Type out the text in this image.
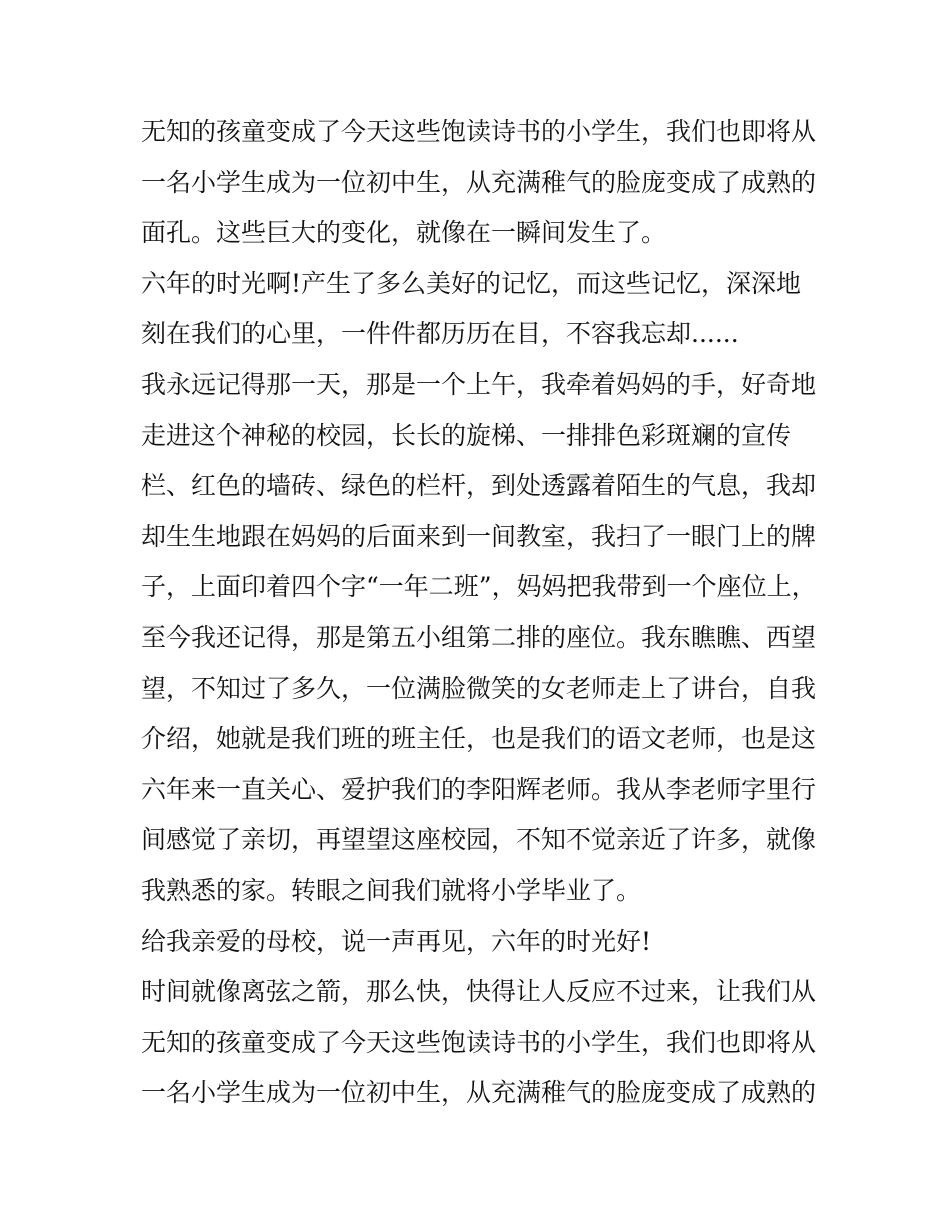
无知的孩童变成了今天这些饱读诗书的小学生，我们也即将从
一名小学生成为一位初中生，从充满稚气的脸庞变成了成熟的
面孔。这些巨大的变化，就像在一瞬间发生了。
六年的时光啊!产生了多么美好的记忆，而这些记忆，深深地
刻在我们的心里，一件件都历历在目，不容我忘却......
我永远记得那一天，那是一个上午，我牵着妈妈的手，好奇地
走进这个神秘的校园，长长的旋梯、一排排色彩斑斓的宣传
栏、红色的墙砖、绿色的栏杆，到处透露着陌生的气息，我却
却生生地跟在妈妈的后面来到一间教室，我扫了一眼门上的牌
子，上面印着四个字“一年二班”，妈妈把我带到一个座位上，
至今我还记得，那是第五小组第二排的座位。我东瞧瞧、西望
望，不知过了多久，一位满脸微笑的女老师走上了讲台，自我
介绍，她就是我们班的班主任，也是我们的语文老师，也是这
六年来一直关心、爱护我们的李阳辉老师。我从李老师字里行
间感觉了亲切，再望望这座校园，不知不觉亲近了许多，就像
我熟悉的家。转眼之间我们就将小学毕业了。
给我亲爱的母校，说一声再见，六年的时光好!
时间就像离弦之箭，那么快，快得让人反应不过来，让我们从
无知的孩童变成了今天这些饱读诗书的小学生，我们也即将从
一名小学生成为一位初中生，从充满稚气的脸庞变成了成熟的
